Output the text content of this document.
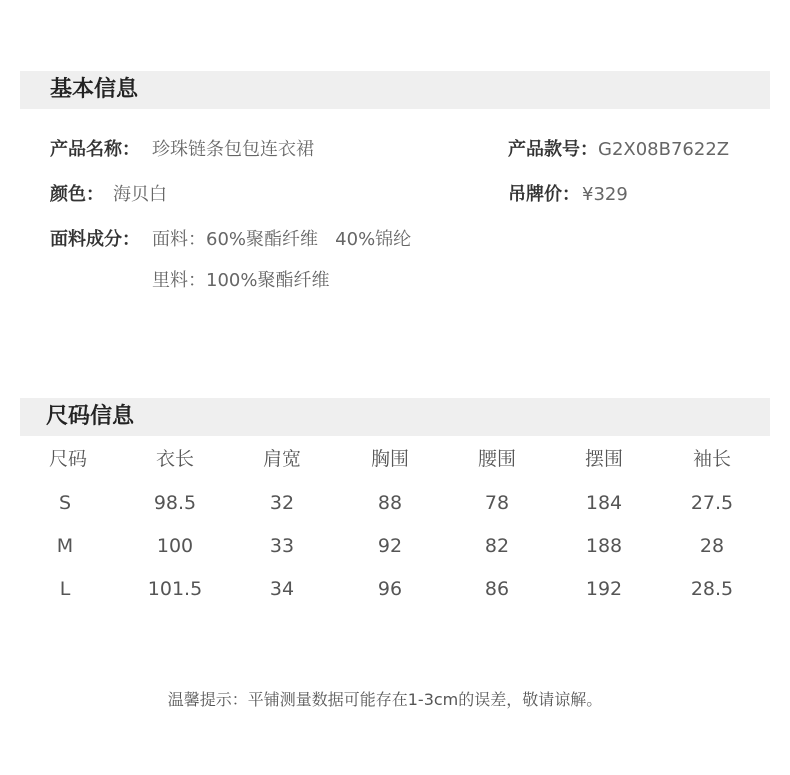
基本信息
产品名称： 珍珠链条包包连衣裙	产品款号： G2X08B7622Z
颜色： 海贝白	吊牌价： ¥329
面料成分： 面料：60%聚酯纤维   40%锦纶
里料：100%聚酯纤维
尺码信息
尺码	衣长	肩宽	胸围	腰围	摆围	袖长
S	98.5	32	88	78	184	27.5
M	100	33	92	82	188	28
L	101.5	34	96	86	192	28.5
温馨提示：平铺测量数据可能存在1-3cm的误差，敬请谅解。
